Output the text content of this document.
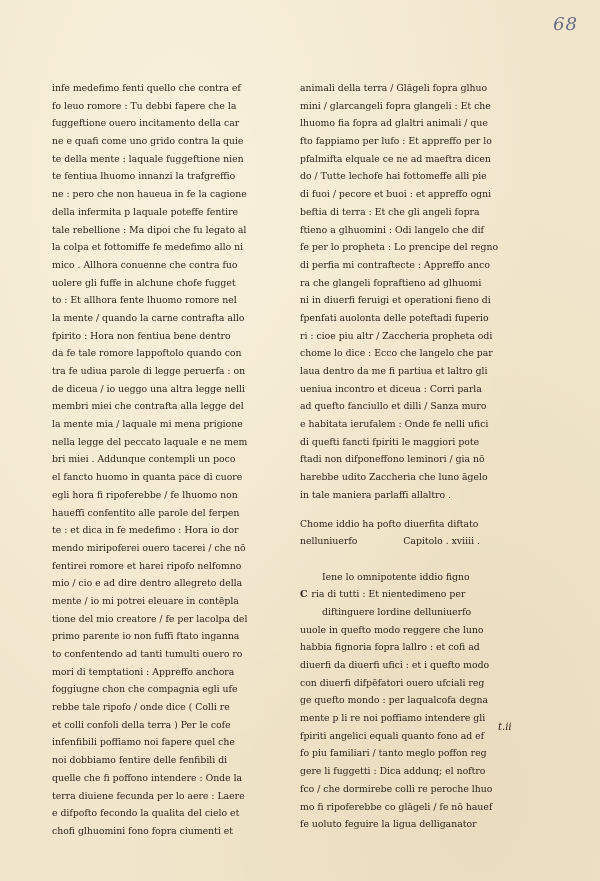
68
infe medefimo fenti quello che contra ef
fo leuo romore : Tu debbi fapere che la
fuggeftione ouero incitamento della car
ne e quafi come uno grido contra la quie
te della mente : laquale fuggeftione nien
te fentiua lhuomo innanzi la trafgreffio
ne : pero che non haueua in fe la cagione
della infermita p laquale poteffe fentire
tale rebellione : Ma dipoi che fu legato al
la colpa et fottomiffe fe medefimo allo ni
mico . Allhora conuenne che contra fuo
uolere gli fuffe in alchune chofe fugget
to : Et allhora fente lhuomo romore nel
la mente / quando la carne contrafta allo
fpirito : Hora non fentiua bene dentro
da fe tale romore lappoftolo quando con
tra fe udiua parole di legge peruerfa : on
de diceua / io ueggo una altra legge nelli
membri miei che contrafta alla legge del
la mente mia / laquale mi mena prigione
nella legge del peccato laquale e ne mem
bri miei . Addunque contempli un poco
el fancto huomo in quanta pace di cuore
egli hora fi ripoferebbe / fe lhuomo non
haueffi confentito alle parole del ferpen
te : et dica in fe medefimo : Hora io dor
mendo miripoferei ouero tacerei / che nō
fentirei romore et harei ripofo nelfomno
mio / cio e ad dire dentro allegreto della
mente / io mi potrei eleuare in contēpla
tione del mio creatore / fe per lacolpa del
primo parente io non fuffi ftato inganna
to confentendo ad tanti tumulti ouero ro
mori di temptationi : Appreffo anchora
foggiugne chon che compagnia egli ufe
rebbe tale ripofo / onde dice ( Colli re
et colli confoli della terra ) Per le cofe
infenfibili poffiamo noi fapere quel che
noi dobbiamo fentire delle fenfibili di
quelle che fi poffono intendere : Onde la
terra diuiene fecunda per lo aere : Laere
e difpofto fecondo la qualita del cielo et
chofi glhuomini fono fopra ciumenti et
animali della terra / Glāgeli fopra glhuo
mini / glarcangeli fopra glangeli : Et che
lhuomo fia fopra ad glaltri animali / que
fto fappiamo per lufo : Et appreffo per lo
pfalmifta elquale ce ne ad maeftra dicen
do / Tutte lechofe hai fottomeffe alli pie
di fuoi / pecore et buoi : et appreffo ogni
beftia di terra : Et che gli angeli fopra
ftieno a glhuomini : Odi langelo che dif
fe per lo propheta : Lo prencipe del regno
di perfia mi contraftecte : Appreffo anco
ra che glangeli fopraftieno ad glhuomi
ni in diuerfi feruigi et operationi fieno di
fpenfati auolonta delle poteftadi fuperio
ri : cioe piu altr / Zaccheria propheta odi
chome lo dice : Ecco che langelo che par
laua dentro da me fi partiua et laltro gli
ueniua incontro et diceua : Corri parla
ad quefto fanciullo et dilli / Sanza muro
e habitata ierufalem : Onde fe nelli ufici
di quefti fancti fpiriti le maggiori pote
ftadi non difponeffono leminori / gia nō
harebbe udito Zaccheria che luno āgelo
in tale maniera parlaffi allaltro .
Chome iddio ha pofto diuerfita diftato
nelluniuerfo	Capitolo . xviiii .
Iene lo omnipotente iddio figno
C ria di tutti : Et nientedimeno per
diftinguere lordine delluniuerfo
uuole in quefto modo reggere che luno
habbia fignoria fopra lallro : et cofi ad
diuerfi da diuerfi ufici : et i quefto modo
con diuerfi difpēfatori ouero ufciali reg
ge quefto mondo : per laqualcofa degna
mente p li re noi poffiamo intendere gli
fpiriti angelici equali quanto fono ad ef
fo piu familiari / tanto meglo poffon reg
gere li fuggetti : Dica addunq; el noftro
fco / che dormirebe colli re peroche lhuo
mo fi ripoferebbe co glāgeli / fe nō hauef
fe uoluto feguire la ligua delliganator
t.ii
